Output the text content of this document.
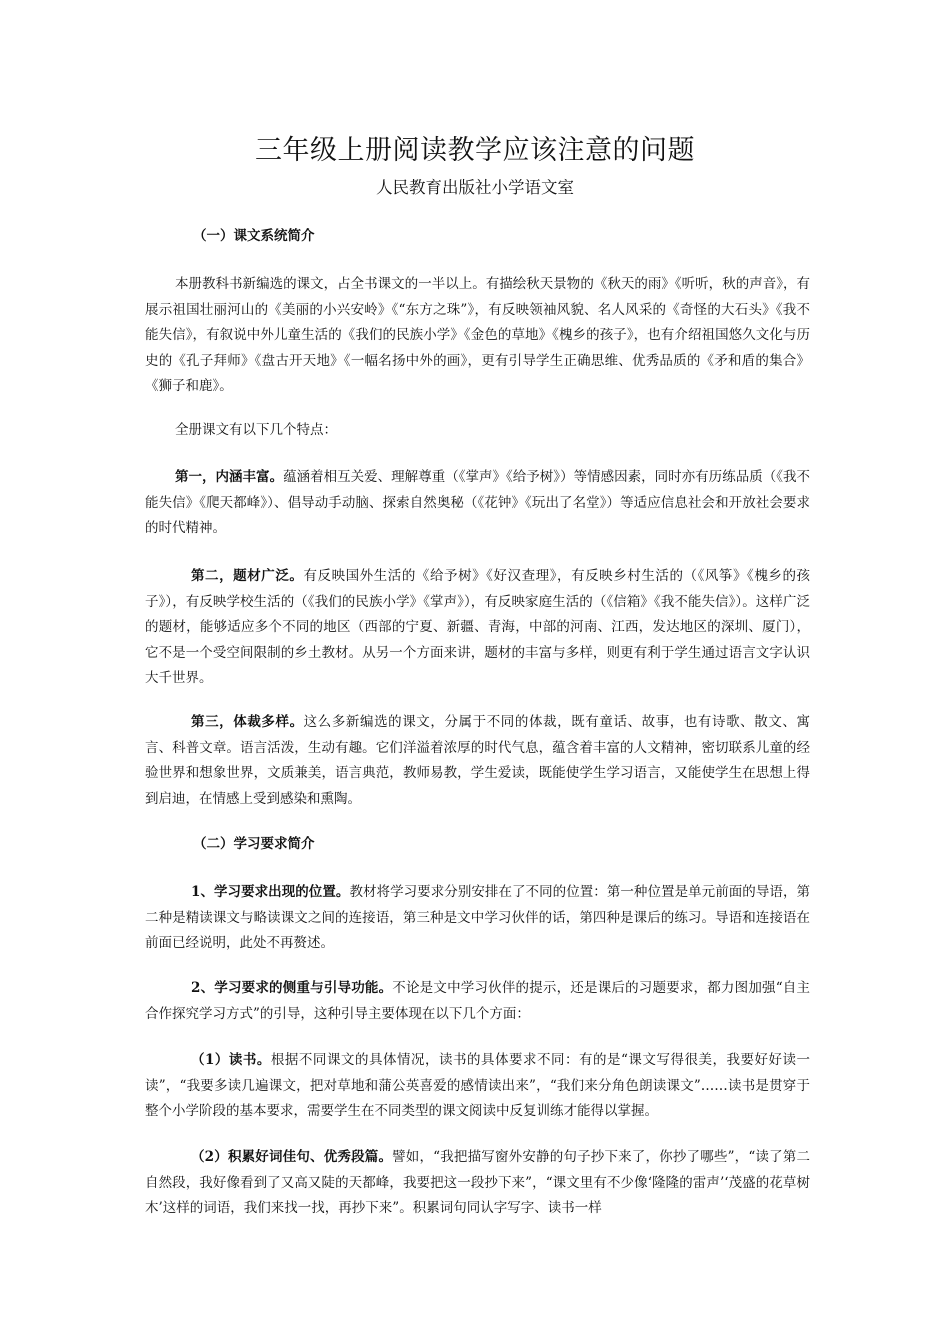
三年级上册阅读教学应该注意的问题
人民教育出版社小学语文室
（一）课文系统简介

本册教科书新编选的课文，占全书课文的一半以上。有描绘秋天景物的《秋天的雨》《听听，秋的声音》，有展示祖国壮丽河山的《美丽的小兴安岭》《“东方之珠”》，有反映领袖风貌、名人风采的《奇怪的大石头》《我不能失信》，有叙说中外儿童生活的《我们的民族小学》《金色的草地》《槐乡的孩子》，也有介绍祖国悠久文化与历史的《孔子拜师》《盘古开天地》《一幅名扬中外的画》，更有引导学生正确思维、优秀品质的《矛和盾的集合》《狮子和鹿》。

全册课文有以下几个特点：

第一，内涵丰富。蕴涵着相互关爱、理解尊重（《掌声》《给予树》）等情感因素，同时亦有历练品质（《我不能失信》《爬天都峰》）、倡导动手动脑、探索自然奥秘（《花钟》《玩出了名堂》）等适应信息社会和开放社会要求的时代精神。

第二，题材广泛。有反映国外生活的《给予树》《好汉查理》，有反映乡村生活的（《风筝》《槐乡的孩子》），有反映学校生活的（《我们的民族小学》《掌声》），有反映家庭生活的（《信箱》《我不能失信》）。这样广泛的题材，能够适应多个不同的地区（西部的宁夏、新疆、青海，中部的河南、江西，发达地区的深圳、厦门），它不是一个受空间限制的乡土教材。从另一个方面来讲，题材的丰富与多样，则更有利于学生通过语言文字认识大千世界。

第三，体裁多样。这么多新编选的课文，分属于不同的体裁，既有童话、故事，也有诗歌、散文、寓言、科普文章。语言活泼，生动有趣。它们洋溢着浓厚的时代气息，蕴含着丰富的人文精神，密切联系儿童的经验世界和想象世界，文质兼美，语言典范，教师易教，学生爱读，既能使学生学习语言，又能使学生在思想上得到启迪，在情感上受到感染和熏陶。

（二）学习要求简介

1、学习要求出现的位置。教材将学习要求分别安排在了不同的位置：第一种位置是单元前面的导语，第二种是精读课文与略读课文之间的连接语，第三种是文中学习伙伴的话，第四种是课后的练习。导语和连接语在前面已经说明，此处不再赘述。

2、学习要求的侧重与引导功能。不论是文中学习伙伴的提示，还是课后的习题要求，都力图加强“自主合作探究学习方式”的引导，这种引导主要体现在以下几个方面：

（1）读书。根据不同课文的具体情况，读书的具体要求不同：有的是“课文写得很美，我要好好读一读”，“我要多读几遍课文，把对草地和蒲公英喜爱的感情读出来”，“我们来分角色朗读课文”……读书是贯穿于整个小学阶段的基本要求，需要学生在不同类型的课文阅读中反复训练才能得以掌握。

（2）积累好词佳句、优秀段篇。譬如，“我把描写窗外安静的句子抄下来了，你抄了哪些”，“读了第二自然段，我好像看到了又高又陡的天都峰，我要把这一段抄下来”，“课文里有不少像‘隆隆的雷声’‘茂盛的花草树木’这样的词语，我们来找一找，再抄下来”。积累词句同认字写字、读书一样
